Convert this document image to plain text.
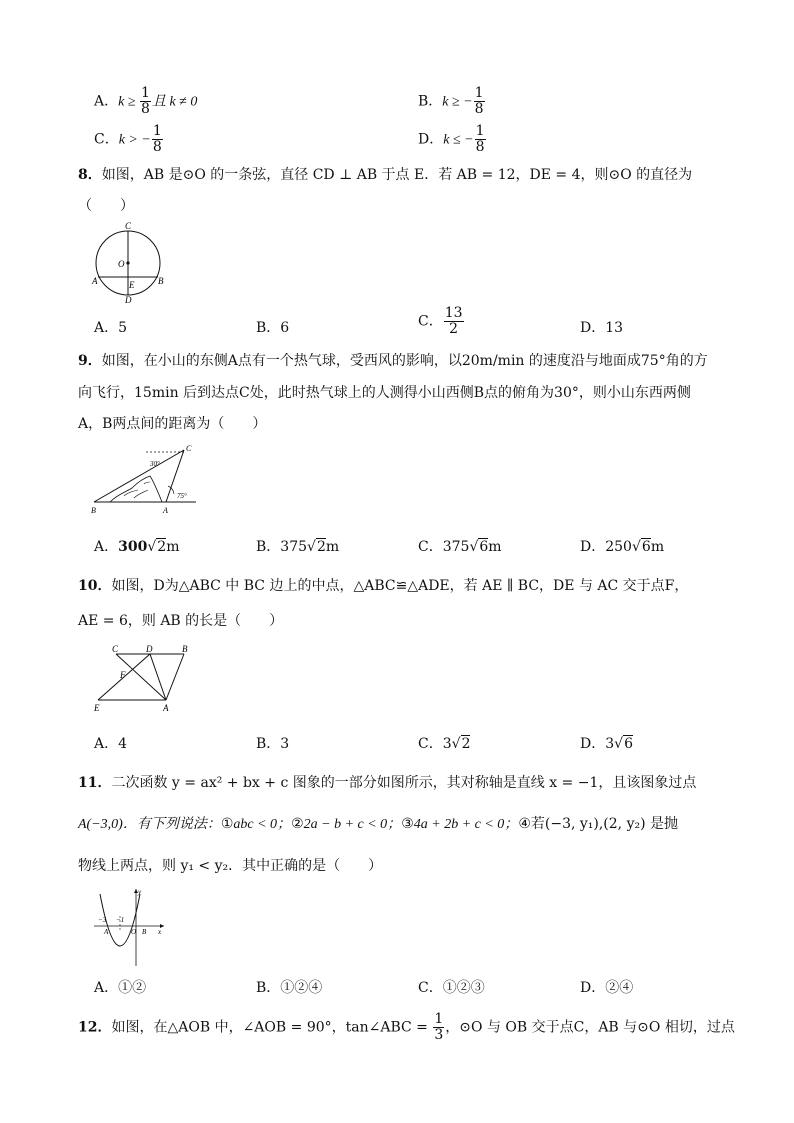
A．$k \ge \frac{1}{8}$ 且 k ≠ 0	B．k ≥ − $\frac{1}{8}$
C．k > − $\frac{1}{8}$	D．k ≤ − $\frac{1}{8}$
8．如图，AB 是⊙O 的一条弦，直径 CD ⊥ AB 于点 E．若 AB = 12，DE = 4，则⊙O 的直径为
（　　）
C
O
A	E	B
D
A．5	B．6	C． $\frac{13}{2}$	D．13
9．如图，在小山的东侧A点有一个热气球，受西风的影响，以20m/min 的速度沿与地面成75°角的方
向飞行，15min 后到达点C处，此时热气球上的人测得小山西侧B点的俯角为30°，则小山东西两侧
A，B两点间的距离为（　　）
C
30°
75°
B	A
A．300√2m	B．375√2m	C．375√6m	D．250√6m
10．如图，D为△ABC 中 BC 边上的中点，△ABC≌△ADE，若 AE ∥ BC，DE 与 AC 交于点F，
AE = 6，则 AB 的长是（　　）
C	D	B
F
E	A
A．4	B．3	C．3√2	D．3√6
11．二次函数 y = ax² + bx + c 图象的一部分如图所示，其对称轴是直线 x = −1，且该图象过点
A(−3,0)．有下列说法：①abc < 0；②2a − b + c < 0；③4a + 2b + c < 0；④若(−3, y₁),(2, y₂) 是抛
物线上两点，则 y₁ < y₂．其中正确的是（　　）
y
x
−3 −1
A	O B
A．①②	B．①②④	C．①②③	D．②④
12．如图，在△AOB 中，∠AOB = 90°，tan∠ABC = $\frac{1}{3}$ ，⊙O 与 OB 交于点C，AB 与⊙O 相切，过点
